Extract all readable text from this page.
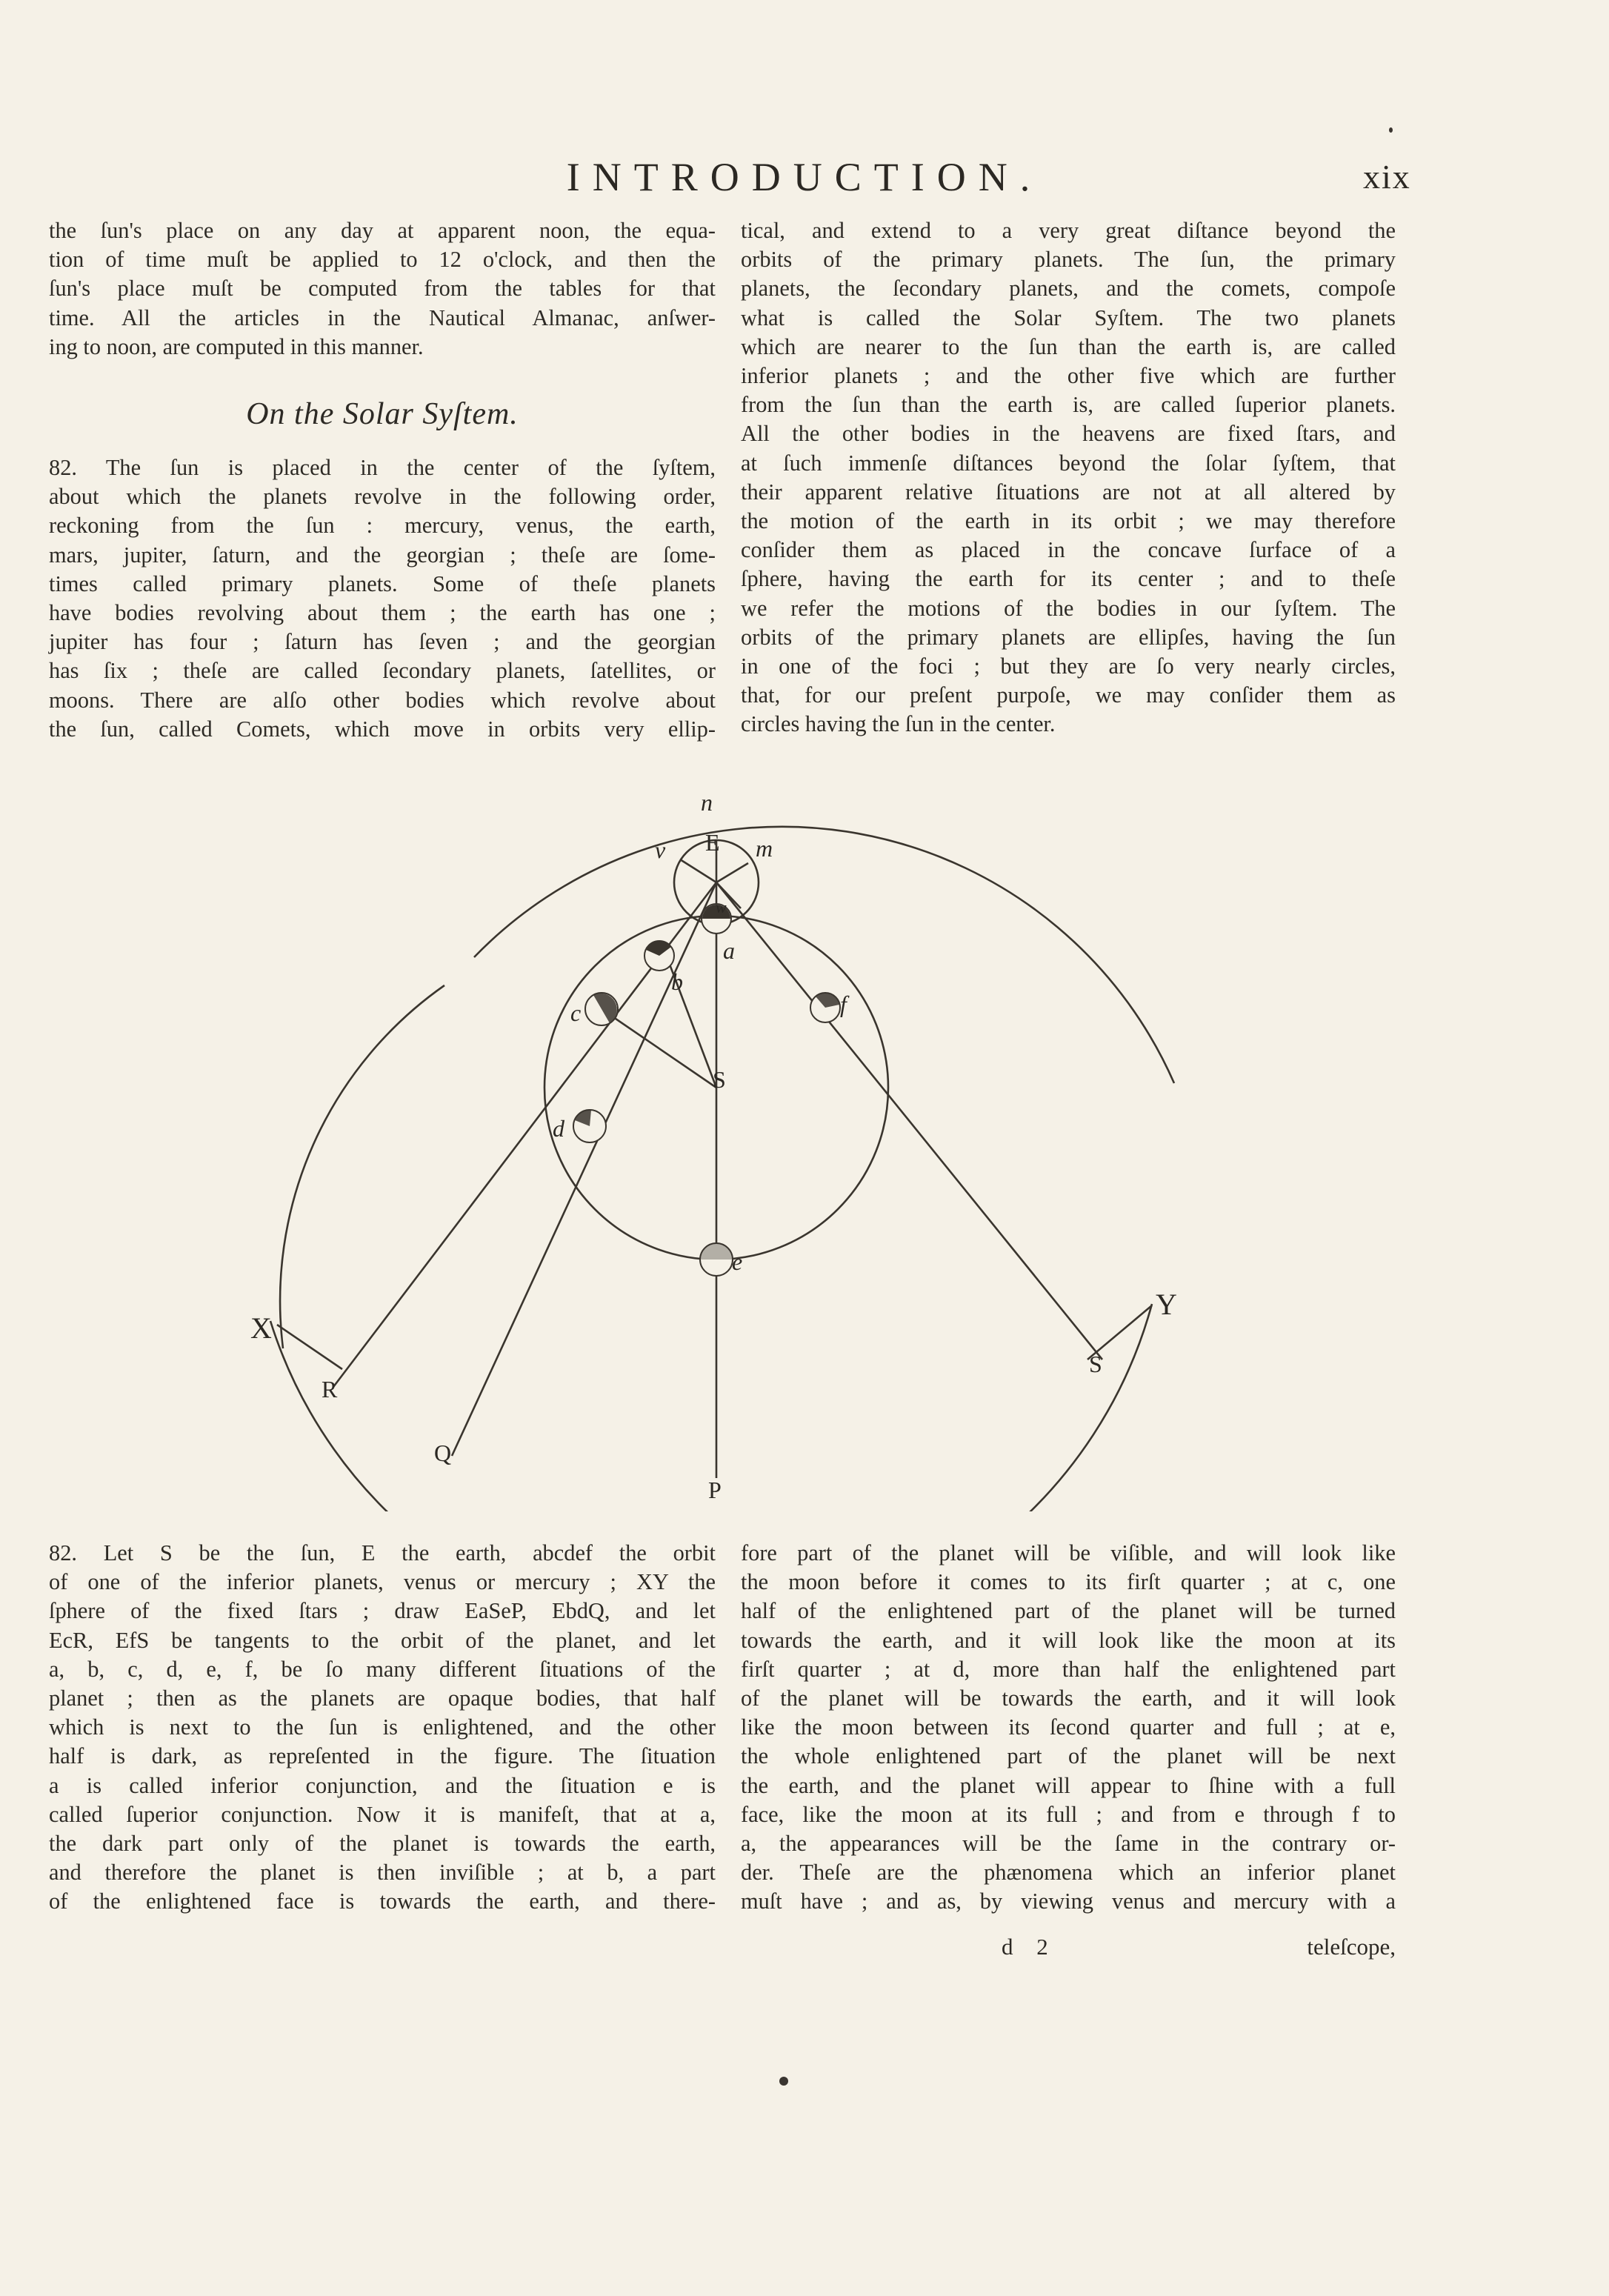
INTRODUCTION.	xix
the ſun's place on any day at apparent noon, the equa-
tion of time muſt be applied to 12 o'clock, and then the
ſun's place muſt be computed from the tables for that
time. All the articles in the Nautical Almanac, anſwer-
ing to noon, are computed in this manner.
On the Solar Syſtem.
82. The ſun is placed in the center of the ſyſtem,
about which the planets revolve in the following order,
reckoning from the ſun : mercury, venus, the earth,
mars, jupiter, ſaturn, and the georgian ; theſe are ſome-
times called primary planets. Some of theſe planets
have bodies revolving about them ; the earth has one ;
jupiter has four ; ſaturn has ſeven ; and the georgian
has ſix ; theſe are called ſecondary planets, ſatellites, or
moons. There are alſo other bodies which revolve about
the ſun, called Comets, which move in orbits very ellip-
tical, and extend to a very great diſtance beyond the
orbits of the primary planets. The ſun, the primary
planets, the ſecondary planets, and the comets, compoſe
what is called the Solar Syſtem. The two planets
which are nearer to the ſun than the earth is, are called
inferior planets ; and the other five which are further
from the ſun than the earth is, are called ſuperior planets.
All the other bodies in the heavens are fixed ſtars, and
at ſuch immenſe diſtances beyond the ſolar ſyſtem, that
their apparent relative ſituations are not at all altered by
the motion of the earth in its orbit ; we may therefore
conſider them as placed in the concave ſurface of a
ſphere, having the earth for its center ; and to theſe
we refer the motions of the bodies in our ſyſtem. The
orbits of the primary planets are ellipſes, having the ſun
in one of the foci ; but they are ſo very nearly circles,
that, for our preſent purpoſe, we may conſider them as
circles having the ſun in the center.
n
v E m
w
a
b
c	f
S
d
e
X
Y
R
S
Q
P
82. Let S be the ſun, E the earth, abcdef the orbit
of one of the inferior planets, venus or mercury ; XY the
ſphere of the fixed ſtars ; draw EaSeP, EbdQ, and let
EcR, EfS be tangents to the orbit of the planet, and let
a, b, c, d, e, f, be ſo many different ſituations of the
planet ; then as the planets are opaque bodies, that half
which is next to the ſun is enlightened, and the other
half is dark, as repreſented in the figure. The ſituation
a is called inferior conjunction, and the ſituation e is
called ſuperior conjunction. Now it is manifeſt, that at a,
the dark part only of the planet is towards the earth,
and therefore the planet is then inviſible ; at b, a part
of the enlightened face is towards the earth, and there-
fore part of the planet will be viſible, and will look like
the moon before it comes to its firſt quarter ; at c, one
half of the enlightened part of the planet will be turned
towards the earth, and it will look like the moon at its
firſt quarter ; at d, more than half the enlightened part
of the planet will be towards the earth, and it will look
like the moon between its ſecond quarter and full ; at e,
the whole enlightened part of the planet will be next
the earth, and the planet will appear to ſhine with a full
face, like the moon at its full ; and from e through f to
a, the appearances will be the ſame in the contrary or-
der. Theſe are the phænomena which an inferior planet
muſt have ; and as, by viewing venus and mercury with a
d 2	teleſcope,
